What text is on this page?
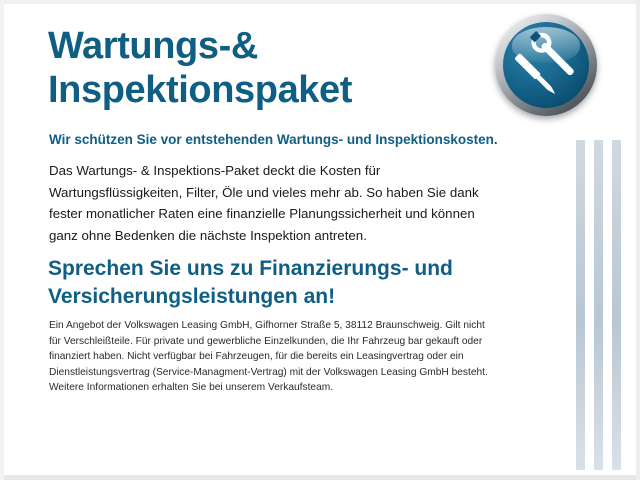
Wartungs-&
Inspektionspaket
Wir schützen Sie vor entstehenden Wartungs- und Inspektionskosten.
Das Wartungs- & Inspektions-Paket deckt die Kosten für Wartungsflüssigkeiten, Filter, Öle und vieles mehr ab. So haben Sie dank fester monatlicher Raten eine finanzielle Planungssicherheit und können ganz ohne Bedenken die nächste Inspektion antreten.
Sprechen Sie uns zu Finanzierungs- und
Versicherungsleistungen an!
Ein Angebot der Volkswagen Leasing GmbH, Gifhorner Straße 5, 38112 Braunschweig. Gilt nicht für Verschleißteile. Für private und gewerbliche Einzelkunden, die Ihr Fahrzeug bar gekauft oder finanziert haben. Nicht verfügbar bei Fahrzeugen, für die bereits ein Leasingvertrag oder ein Dienstleistungsvertrag (Service-Managment-Vertrag) mit der Volkswagen Leasing GmbH besteht. Weitere Informationen erhalten Sie bei unserem Verkaufsteam.
